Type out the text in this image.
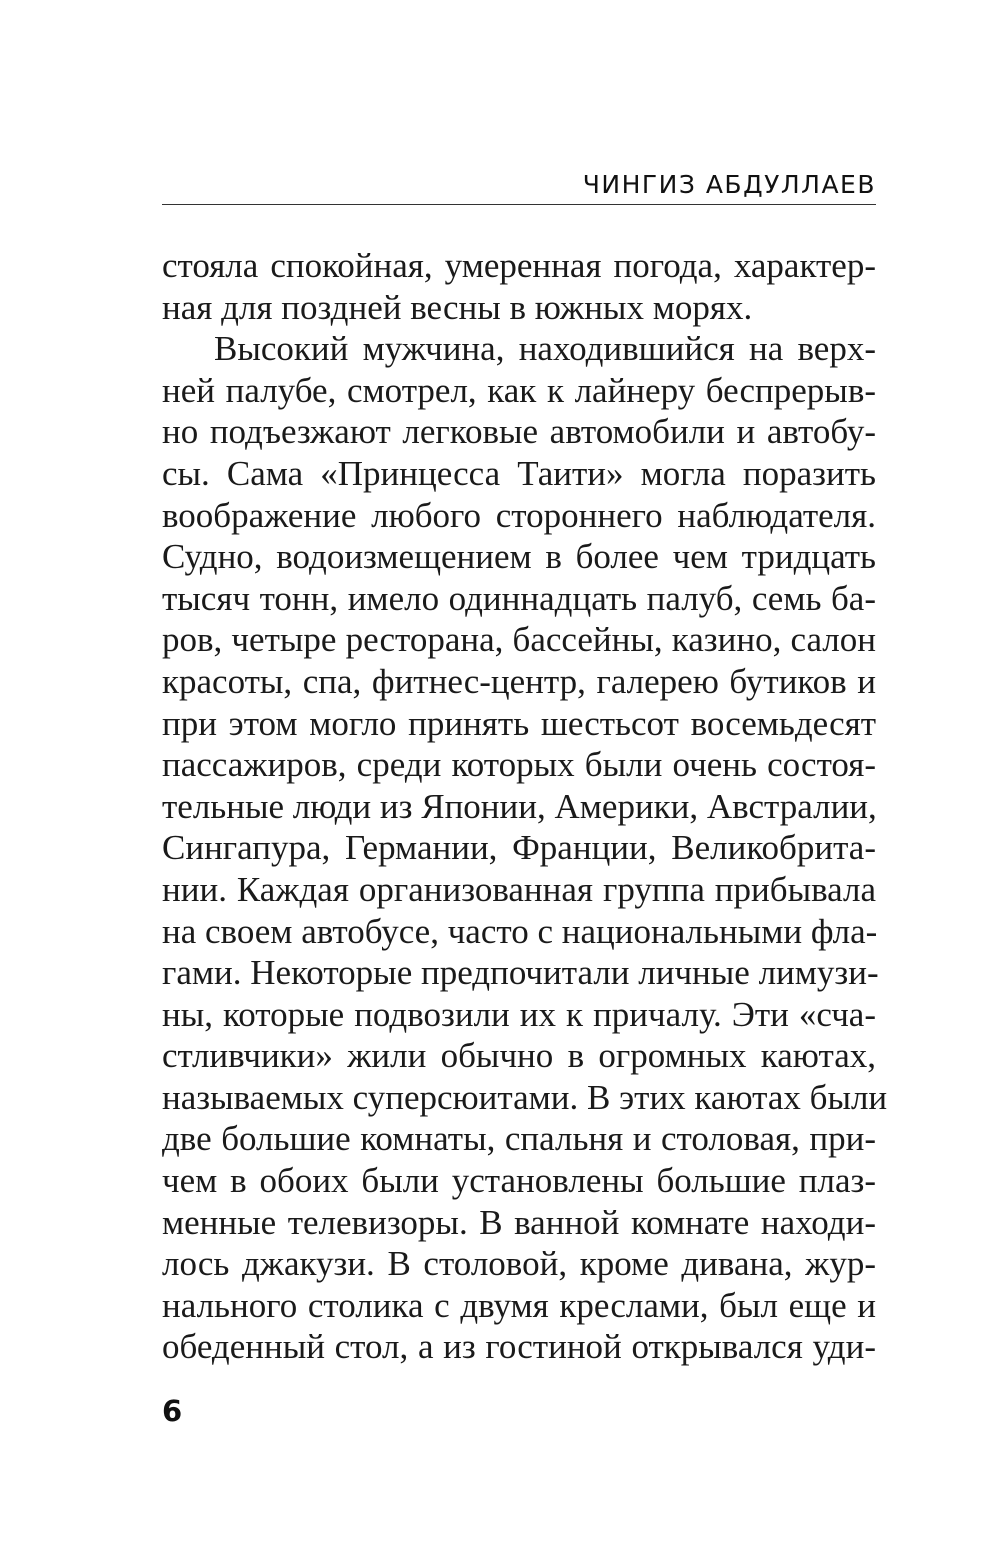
ЧИНГИЗ АБДУЛЛАЕВ
стояла спокойная, умеренная погода, характер-
ная для поздней весны в южных морях.
Высокий мужчина, находившийся на верх-
ней палубе, смотрел, как к лайнеру беспрерыв-
но подъезжают легковые автомобили и автобу-
сы. Сама «Принцесса Таити» могла поразить
воображение любого стороннего наблюдателя.
Судно, водоизмещением в более чем тридцать
тысяч тонн, имело одиннадцать палуб, семь ба-
ров, четыре ресторана, бассейны, казино, салон
красоты, спа, фитнес-центр, галерею бутиков и
при этом могло принять шестьсот восемьдесят
пассажиров, среди которых были очень состоя-
тельные люди из Японии, Америки, Австралии,
Сингапура, Германии, Франции, Великобрита-
нии. Каждая организованная группа прибывала
на своем автобусе, часто с национальными фла-
гами. Некоторые предпочитали личные лимузи-
ны, которые подвозили их к причалу. Эти «сча-
стливчики» жили обычно в огромных каютах,
называемых суперсюитами. В этих каютах были
две большие комнаты, спальня и столовая, при-
чем в обоих были установлены большие плаз-
менные телевизоры. В ванной комнате находи-
лось джакузи. В столовой, кроме дивана, жур-
нального столика с двумя креслами, был еще и
обеденный стол, а из гостиной открывался уди-
6
